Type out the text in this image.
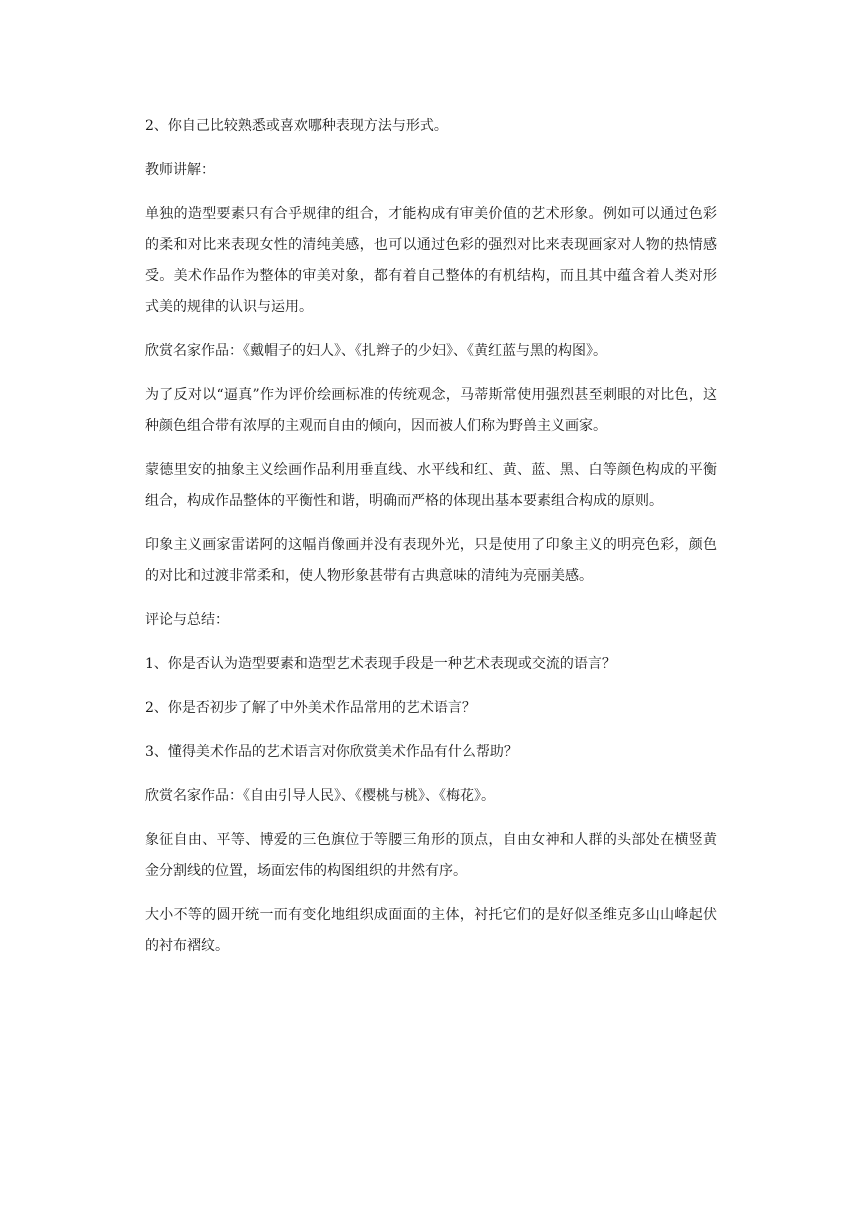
2、你自己比较熟悉或喜欢哪种表现方法与形式。

教师讲解：

单独的造型要素只有合乎规律的组合，才能构成有审美价值的艺术形象。例如可以通过色彩的柔和对比来表现女性的清纯美感，也可以通过色彩的强烈对比来表现画家对人物的热情感受。美术作品作为整体的审美对象，都有着自己整体的有机结构，而且其中蕴含着人类对形式美的规律的认识与运用。

欣赏名家作品：《戴帽子的妇人》、《扎辫子的少妇》、《黄红蓝与黑的构图》。

为了反对以“逼真”作为评价绘画标准的传统观念，马蒂斯常使用强烈甚至刺眼的对比色，这种颜色组合带有浓厚的主观而自由的倾向，因而被人们称为野兽主义画家。

蒙德里安的抽象主义绘画作品利用垂直线、水平线和红、黄、蓝、黑、白等颜色构成的平衡组合，构成作品整体的平衡性和谐，明确而严格的体现出基本要素组合构成的原则。

印象主义画家雷诺阿的这幅肖像画并没有表现外光，只是使用了印象主义的明亮色彩，颜色的对比和过渡非常柔和，使人物形象甚带有古典意味的清纯为亮丽美感。

评论与总结：

1、你是否认为造型要素和造型艺术表现手段是一种艺术表现或交流的语言？

2、你是否初步了解了中外美术作品常用的艺术语言？

3、懂得美术作品的艺术语言对你欣赏美术作品有什么帮助？

欣赏名家作品：《自由引导人民》、《樱桃与桃》、《梅花》。

象征自由、平等、博爱的三色旗位于等腰三角形的顶点，自由女神和人群的头部处在横竖黄金分割线的位置，场面宏伟的构图组织的井然有序。

大小不等的圆开统一而有变化地组织成面面的主体，衬托它们的是好似圣维克多山山峰起伏的衬布褶纹。
